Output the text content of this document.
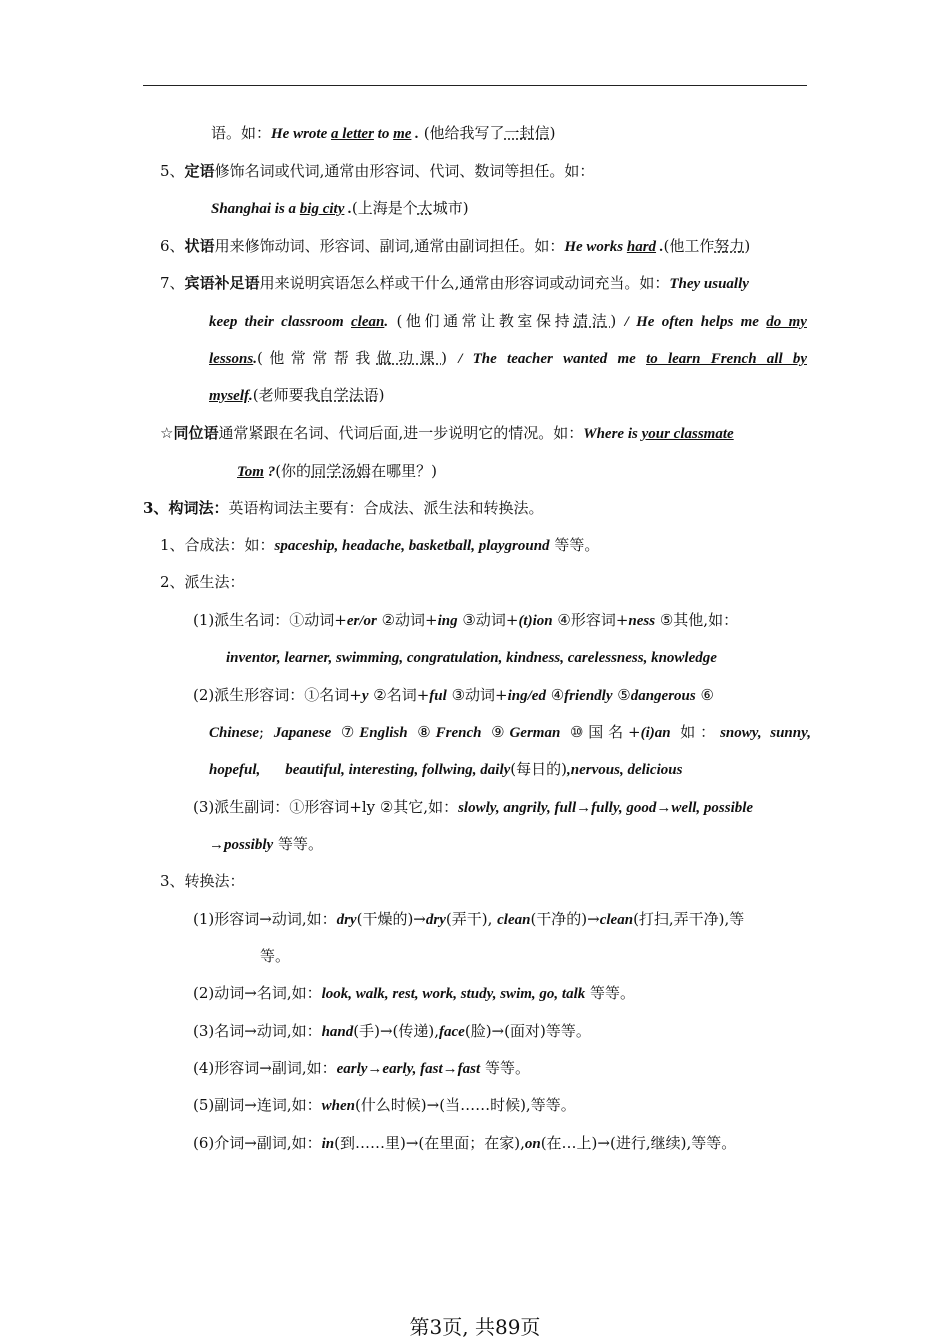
语。如：He wrote a letter to me . (他给我写了一封信)
5、定语修饰名词或代词,通常由形容词、代词、数词等担任。如：
Shanghai is a big city .(上海是个大城市)
6、状语用来修饰动词、形容词、副词,通常由副词担任。如：He works hard .(他工作努力)
7、宾语补足语用来说明宾语怎么样或干什么,通常由形容词或动词充当。如：They usually
keep their classroom clean. (他们通常让教室保持清洁) / He often helps me do my
lessons.(他常常帮我做功课) / The teacher wanted me to learn French all by
myself.(老师要我自学法语)
☆同位语通常紧跟在名词、代词后面,进一步说明它的情况。如：Where is your classmate
Tom ?(你的同学汤姆在哪里？)
3、构词法：英语构词法主要有：合成法、派生法和转换法。
1、合成法：如：spaceship, headache, basketball, playground 等等。
2、派生法：
(1)派生名词：①动词+er/or ②动词+ing ③动词+(t)ion ④形容词+ness ⑤其他,如：
inventor, learner, swimming, congratulation, kindness, carelessness, knowledge
(2)派生形容词：①名词+y ②名词+ful ③动词+ing/ed ④friendly ⑤dangerous ⑥
Chinese; Japanese ⑦English ⑧French ⑨German ⑩国名+(i)an 如：snowy, sunny,
hopeful, beautiful, interesting, follwing, daily(每日的),nervous, delicious
(3)派生副词：①形容词+ly ②其它,如：slowly, angrily, full→fully, good→well, possible
→possibly 等等。
3、转换法：
(1)形容词→动词,如：dry(干燥的)→dry(弄干), clean(干净的)→clean(打扫,弄干净),等
等。
(2)动词→名词,如：look, walk, rest, work, study, swim, go, talk 等等。
(3)名词→动词,如：hand(手)→(传递),face(脸)→(面对)等等。
(4)形容词→副词,如：early→early, fast→fast 等等。
(5)副词→连词,如：when(什么时候)→(当……时候),等等。
(6)介词→副词,如：in(到……里)→(在里面；在家),on(在…上)→(进行,继续),等等。
第3页, 共89页
